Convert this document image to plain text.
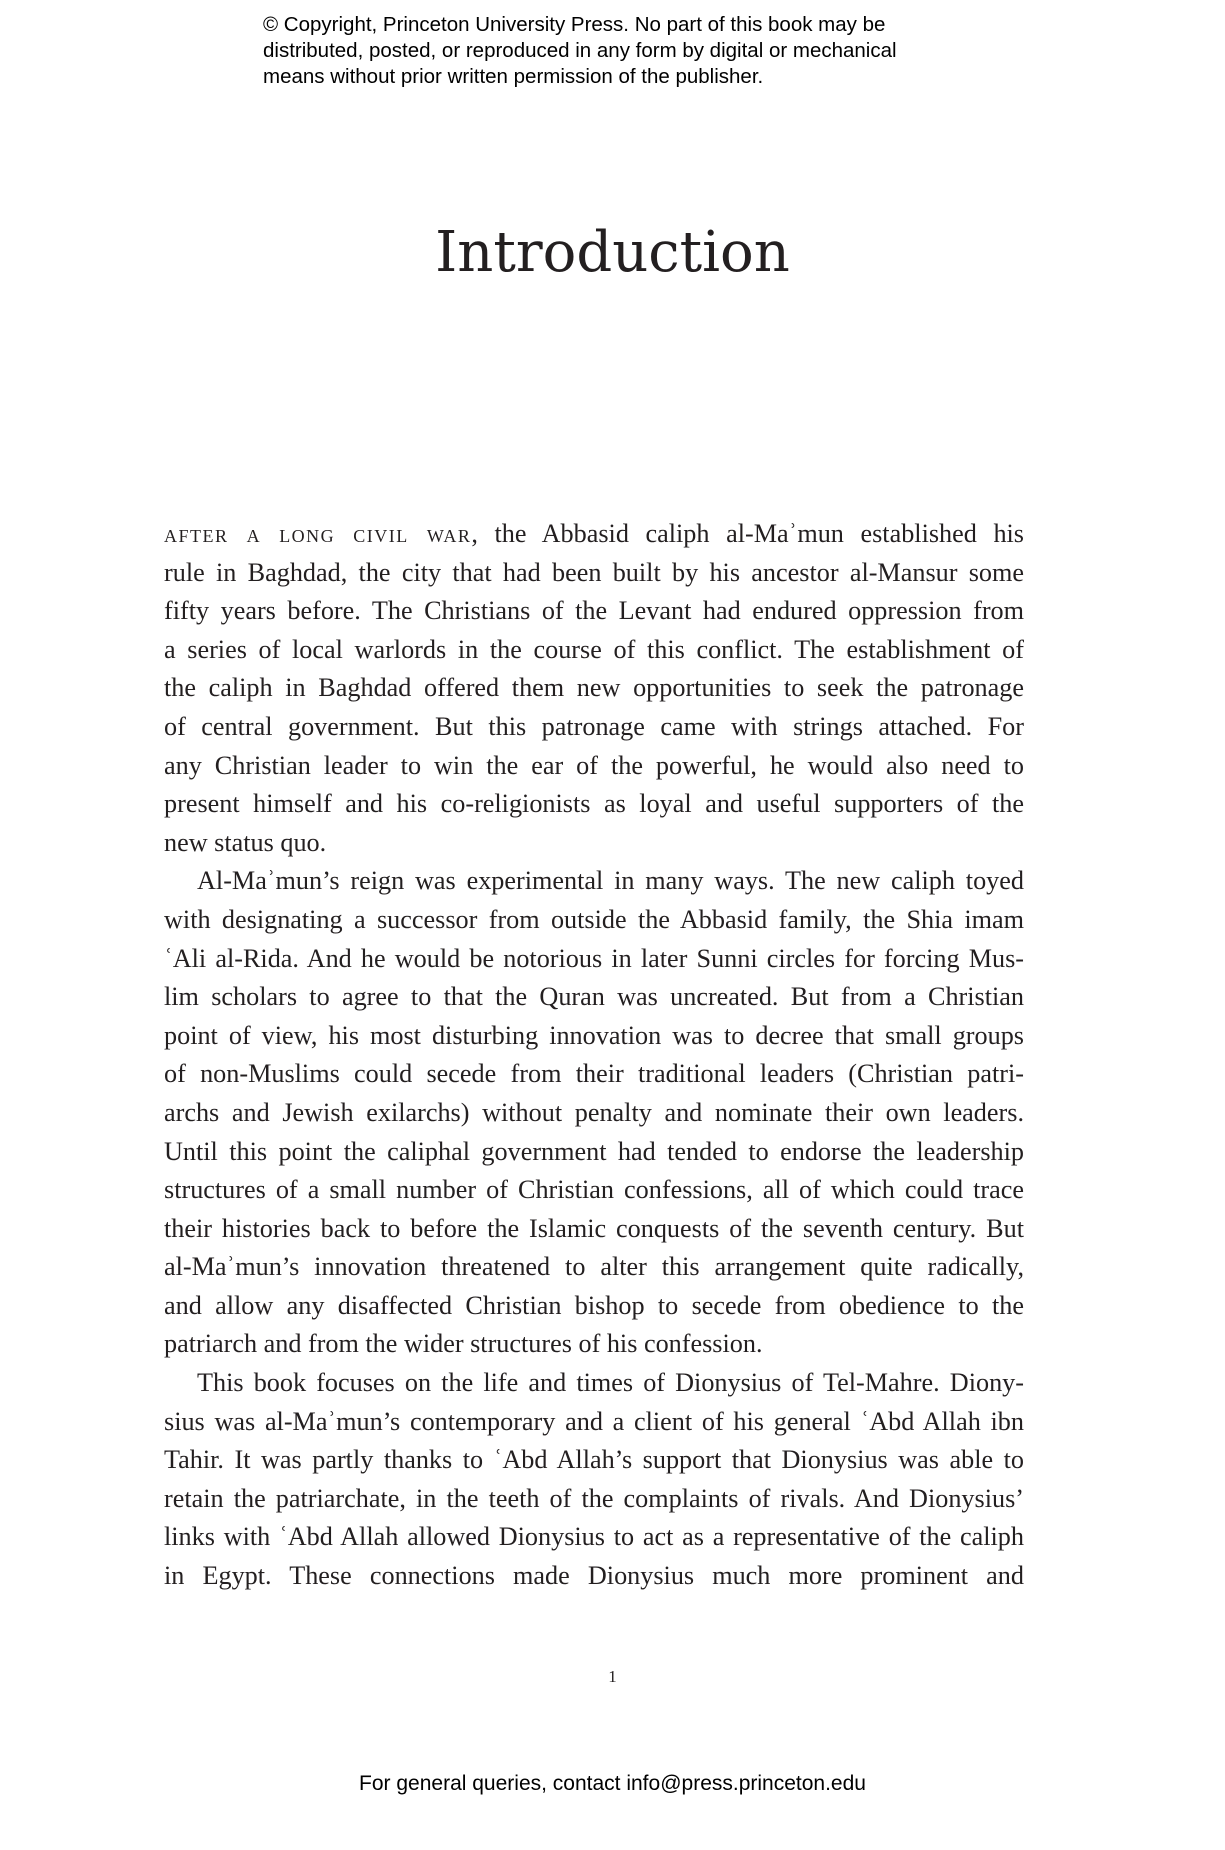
© Copyright, Princeton University Press. No part of this book may be
distributed, posted, or reproduced in any form by digital or mechanical
means without prior written permission of the publisher.
Introduction

after a long civil war, the Abbasid caliph al-Maʾmun established his
rule in Baghdad, the city that had been built by his ancestor al-Mansur some
fifty years before. The Christians of the Levant had endured oppression from
a series of local warlords in the course of this conflict. The establishment of
the caliph in Baghdad offered them new opportunities to seek the patronage
of central government. But this patronage came with strings attached. For
any Christian leader to win the ear of the powerful, he would also need to
present himself and his co-religionists as loyal and useful supporters of the
new status quo.

Al-Maʾmun’s reign was experimental in many ways. The new caliph toyed
with designating a successor from outside the Abbasid family, the Shia imam
ʿAli al-Rida. And he would be notorious in later Sunni circles for forcing Mus-
lim scholars to agree to that the Quran was uncreated. But from a Christian
point of view, his most disturbing innovation was to decree that small groups
of non-Muslims could secede from their traditional leaders (Christian patri-
archs and Jewish exilarchs) without penalty and nominate their own leaders.
Until this point the caliphal government had tended to endorse the leadership
structures of a small number of Christian confessions, all of which could trace
their histories back to before the Islamic conquests of the seventh century. But
al-Maʾmun’s innovation threatened to alter this arrangement quite radically,
and allow any disaffected Christian bishop to secede from obedience to the
patriarch and from the wider structures of his confession.

This book focuses on the life and times of Dionysius of Tel-Mahre. Diony-
sius was al-Maʾmun’s contemporary and a client of his general ʿAbd Allah ibn
Tahir. It was partly thanks to ʿAbd Allah’s support that Dionysius was able to
retain the patriarchate, in the teeth of the complaints of rivals. And Dionysius’
links with ʿAbd Allah allowed Dionysius to act as a representative of the caliph
in Egypt. These connections made Dionysius much more prominent and

1
For general queries, contact info@press.princeton.edu
